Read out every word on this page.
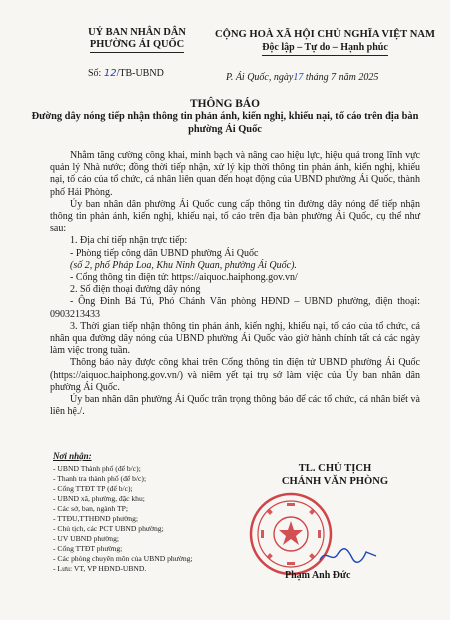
UỶ BAN NHÂN DÂN
PHƯỜNG ÁI QUỐC
CỘNG HOÀ XÃ HỘI CHỦ NGHĨA VIỆT NAM
Độc lập – Tự do – Hạnh phúc
Số: 12/TB-UBND	P. Ái Quốc, ngày17 tháng 7 năm 2025
THÔNG BÁO
Đường dây nóng tiếp nhận thông tin phản ánh, kiến nghị, khiếu nại, tố cáo trên địa bàn phường Ái Quốc

Nhằm tăng cường công khai, minh bạch và nâng cao hiệu lực, hiệu quả trong lĩnh vực quản lý Nhà nước; đồng thời tiếp nhận, xử lý kịp thời thông tin phản ánh, kiến nghị, khiếu nại, tố cáo của tổ chức, cá nhân liên quan đến hoạt động của UBND phường Ái Quốc, thành phố Hải Phòng.

Ủy ban nhân dân phường Ái Quốc cung cấp thông tin đường dây nóng để tiếp nhận thông tin phản ánh, kiến nghị, khiếu nại, tố cáo trên địa bàn phường Ái Quốc, cụ thể như sau:

1. Địa chỉ tiếp nhận trực tiếp:

- Phòng tiếp công dân UBND phường Ái Quốc

(số 2, phố Pháp Loa, Khu Ninh Quan, phường Ái Quốc).

- Cổng thông tin điện tử: https://aiquoc.haiphong.gov.vn/

2. Số điện thoại đường dây nóng

- Ông Đinh Bá Tú, Phó Chánh Văn phòng HĐND – UBND phường, điện thoại: 0903213433

3. Thời gian tiếp nhận thông tin phản ánh, kiến nghị, khiếu nại, tố cáo của tổ chức, cá nhân qua đường dây nóng của UBND phường Ái Quốc vào giờ hành chính tất cả các ngày làm việc trong tuần.

Thông báo này được công khai trên Cổng thông tin điện tử UBND phường Ái Quốc (https://aiquoc.haiphong.gov.vn/) và niêm yết tại trụ sở làm việc của Ủy ban nhân dân phường Ái Quốc.

Ủy ban nhân dân phường Ái Quốc trân trọng thông báo để các tổ chức, cá nhân biết và liên hệ./.

Nơi nhận:
- UBND Thành phố (để b/c);
- Thanh tra thành phố (để b/c);
- Cổng TTĐT TP (để b/c);
- UBND xã, phường, đặc khu;
- Các sở, ban, ngành TP;
- TTĐU,TTHĐND phường;
- Chủ tịch, các PCT UBND phường;
- UV UBND phường;
- Cổng TTĐT phường;
- Các phòng chuyên môn của UBND phường;
- Lưu: VT, VP HĐND-UBND.
TL. CHỦ TỊCH
CHÁNH VĂN PHÒNG
Phạm Anh Đức
